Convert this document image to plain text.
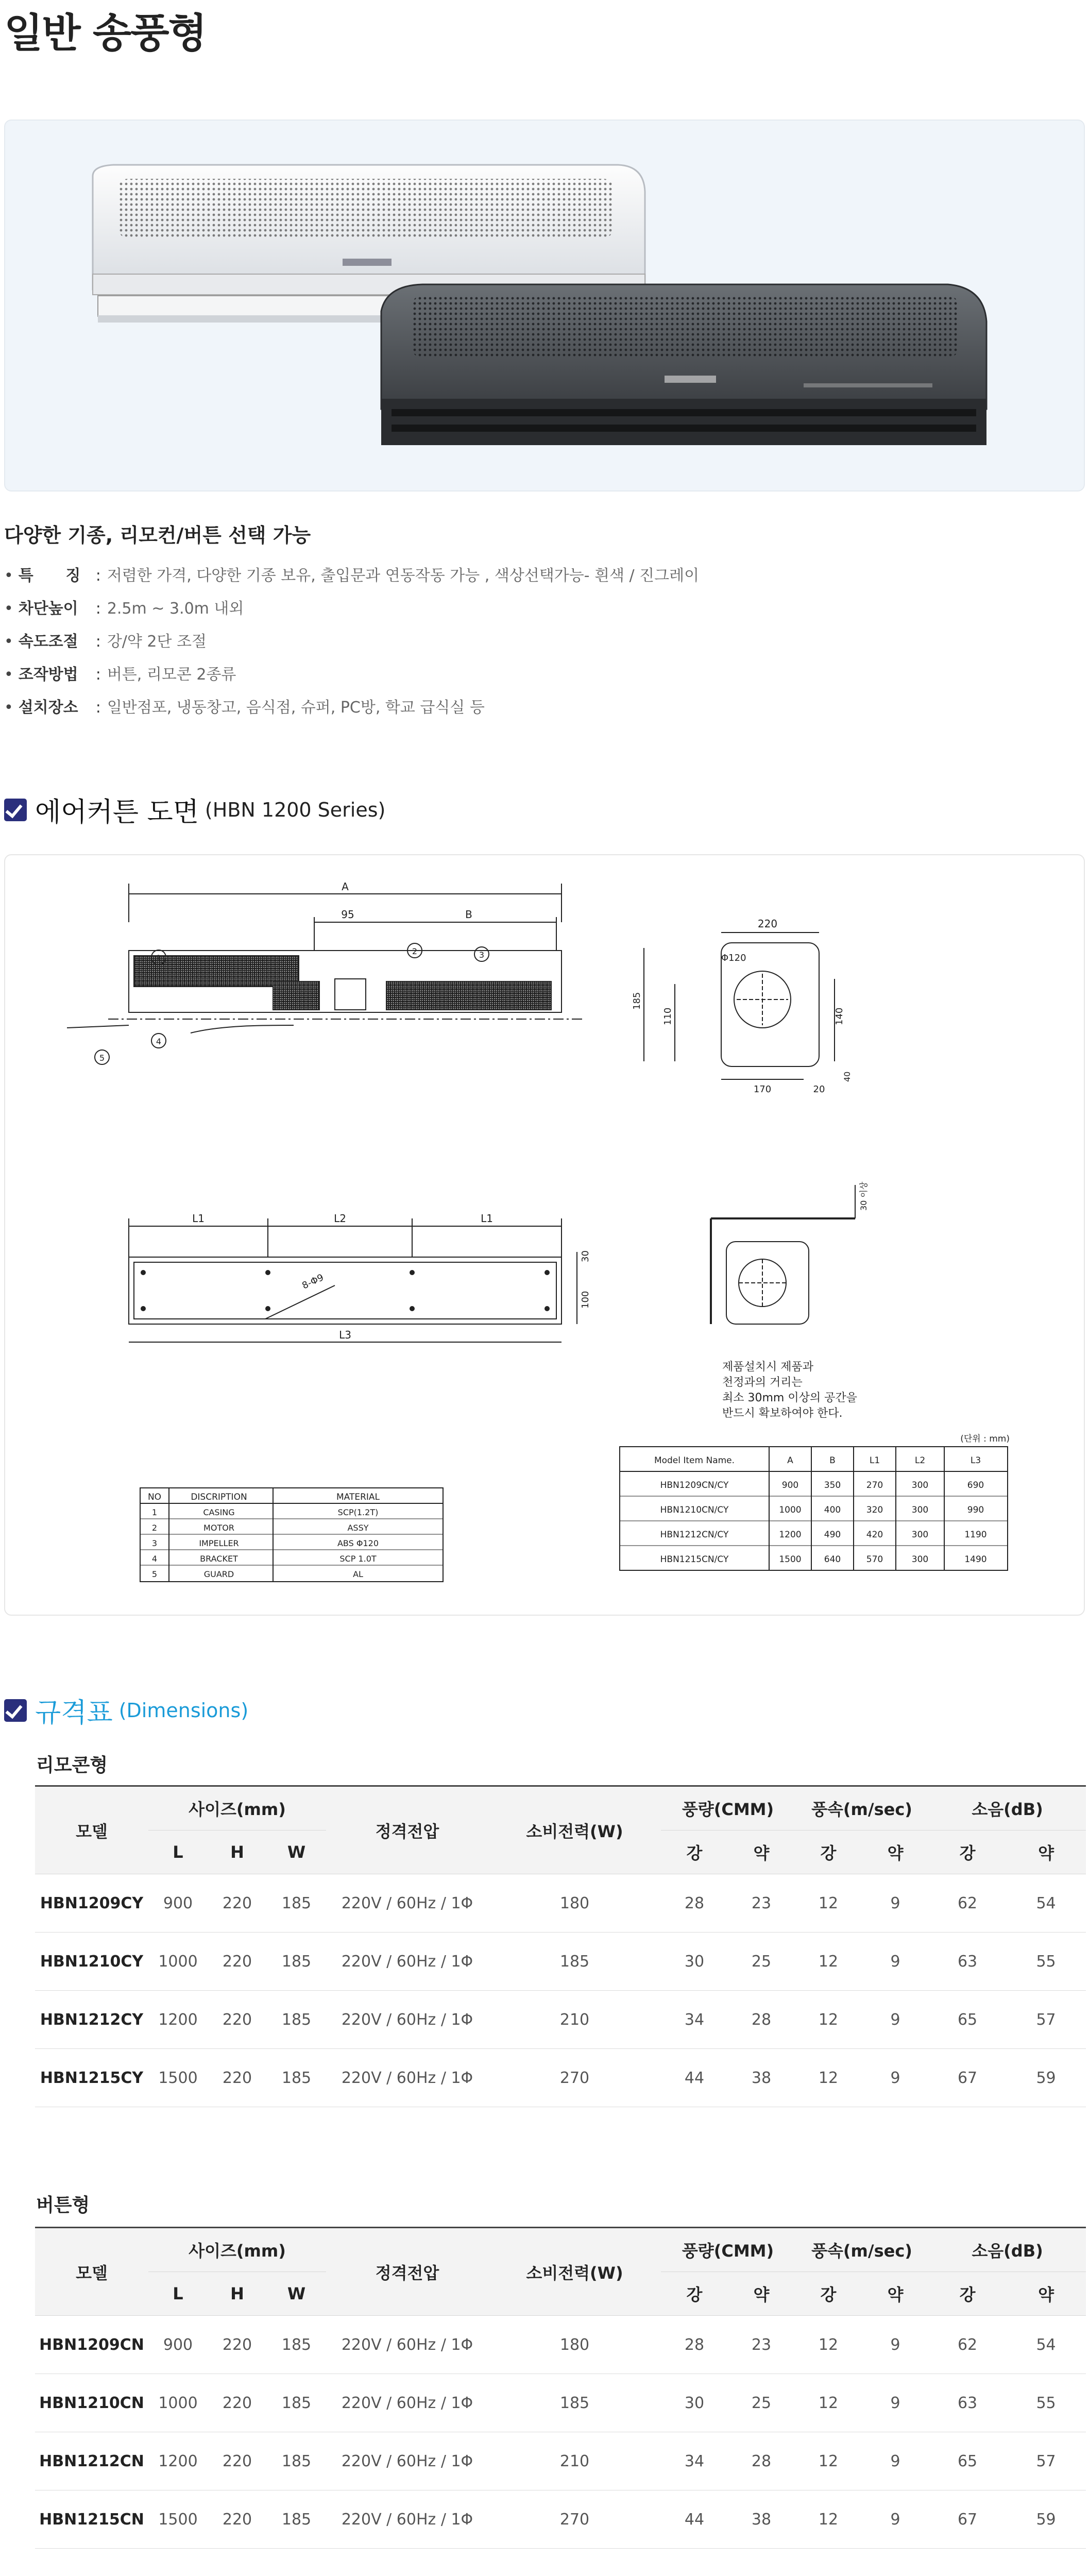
일반 송풍형
다양한 기종, 리모컨/버튼 선택 가능
• 특      징 : 저렴한 가격, 다양한 기종 보유, 출입문과 연동작동 가능 , 색상선택가능- 흰색 / 진그레이
• 차단높이 : 2.5m ~ 3.0m 내외
• 속도조절 : 강/약 2단 조절
• 조작방법 : 버튼, 리모콘 2종류
• 설치장소 : 일반점포, 냉동창고, 음식점, 슈퍼, PC방, 학교 급식실 등
에어커튼 도면 (HBN 1200 Series)
A
95	B
1
2	3
4
5
220
Φ120
185
110	140
170	20
40
L1	L2	L1
8-Φ9
30
100
L3
30 이상
제품설치시 제품과
천정과의 거리는
최소 30mm 이상의 공간을
반드시 확보하여야 한다.
NO	DISCRIPTION	MATERIAL
1	CASING	SCP(1.2T)
2	MOTOR	ASSY
3	IMPELLER	ABS Φ120
4	BRACKET	SCP 1.0T
5	GUARD	AL
(단위 : mm)
Model Item Name.	A	B	L1	L2	L3
HBN1209CN/CY	900	350	270	300	690
HBN1210CN/CY	1000	400	320	300	990
HBN1212CN/CY	1200	490	420	300	1190
HBN1215CN/CY	1500	640	570	300	1490
규격표 (Dimensions)
리모콘형
모델	사이즈(mm)			정격전압	소비전력(W)	풍량(CMM)		풍속(m/sec)		소음(dB)	
	L	H	W			강	약	강	약	강	약
HBN1209CY	900	220	185	220V / 60Hz / 1Φ	180	28	23	12	9	62	54
HBN1210CY	1000	220	185	220V / 60Hz / 1Φ	185	30	25	12	9	63	55
HBN1212CY	1200	220	185	220V / 60Hz / 1Φ	210	34	28	12	9	65	57
HBN1215CY	1500	220	185	220V / 60Hz / 1Φ	270	44	38	12	9	67	59
버튼형
모델	사이즈(mm)			정격전압	소비전력(W)	풍량(CMM)		풍속(m/sec)		소음(dB)	
	L	H	W			강	약	강	약	강	약
HBN1209CN	900	220	185	220V / 60Hz / 1Φ	180	28	23	12	9	62	54
HBN1210CN	1000	220	185	220V / 60Hz / 1Φ	185	30	25	12	9	63	55
HBN1212CN	1200	220	185	220V / 60Hz / 1Φ	210	34	28	12	9	65	57
HBN1215CN	1500	220	185	220V / 60Hz / 1Φ	270	44	38	12	9	67	59
